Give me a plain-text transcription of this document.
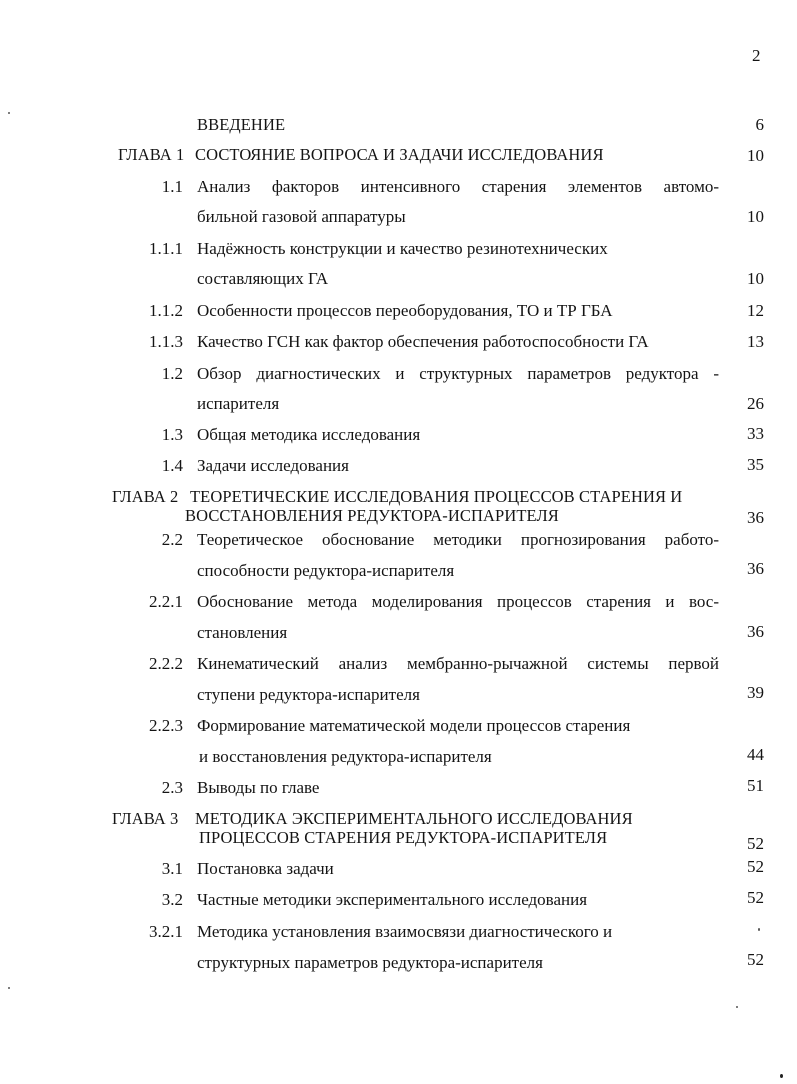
2
ВВЕДЕНИЕ	6
ГЛАВА 1 СОСТОЯНИЕ ВОПРОСА И ЗАДАЧИ ИССЛЕДОВАНИЯ	10
1.1 Анализ факторов интенсивного старения элементов автомо-
бильной газовой аппаратуры	10
1.1.1 Надёжность конструкции и качество резинотехнических
составляющих ГА	10
1.1.2 Особенности процессов переоборудования, ТО и ТР ГБА	12
1.1.3 Качество ГСН как фактор обеспечения работоспособности ГА	13
1.2 Обзор диагностических и структурных параметров редуктора -
испарителя	26
1.3 Общая методика исследования	33
1.4 Задачи исследования	35
ГЛАВА 2 ТЕОРЕТИЧЕСКИЕ ИССЛЕДОВАНИЯ ПРОЦЕССОВ СТАРЕНИЯ И
ВОССТАНОВЛЕНИЯ РЕДУКТОРА-ИСПАРИТЕЛЯ	36
2.2 Теоретическое обоснование методики прогнозирования работо-
способности редуктора-испарителя	36
2.2.1 Обоснование метода моделирования процессов старения и вос-
становления	36
2.2.2 Кинематический анализ мембранно-рычажной системы первой
ступени редуктора-испарителя	39
2.2.3 Формирование математической модели процессов старения
и восстановления редуктора-испарителя	44
2.3 Выводы по главе	51
ГЛАВА 3 МЕТОДИКА ЭКСПЕРИМЕНТАЛЬНОГО ИССЛЕДОВАНИЯ
ПРОЦЕССОВ СТАРЕНИЯ РЕДУКТОРА-ИСПАРИТЕЛЯ	52
3.1 Постановка задачи	52
3.2 Частные методики экспериментального исследования	52
3.2.1 Методика установления взаимосвязи диагностического и
структурных параметров редуктора-испарителя	52
